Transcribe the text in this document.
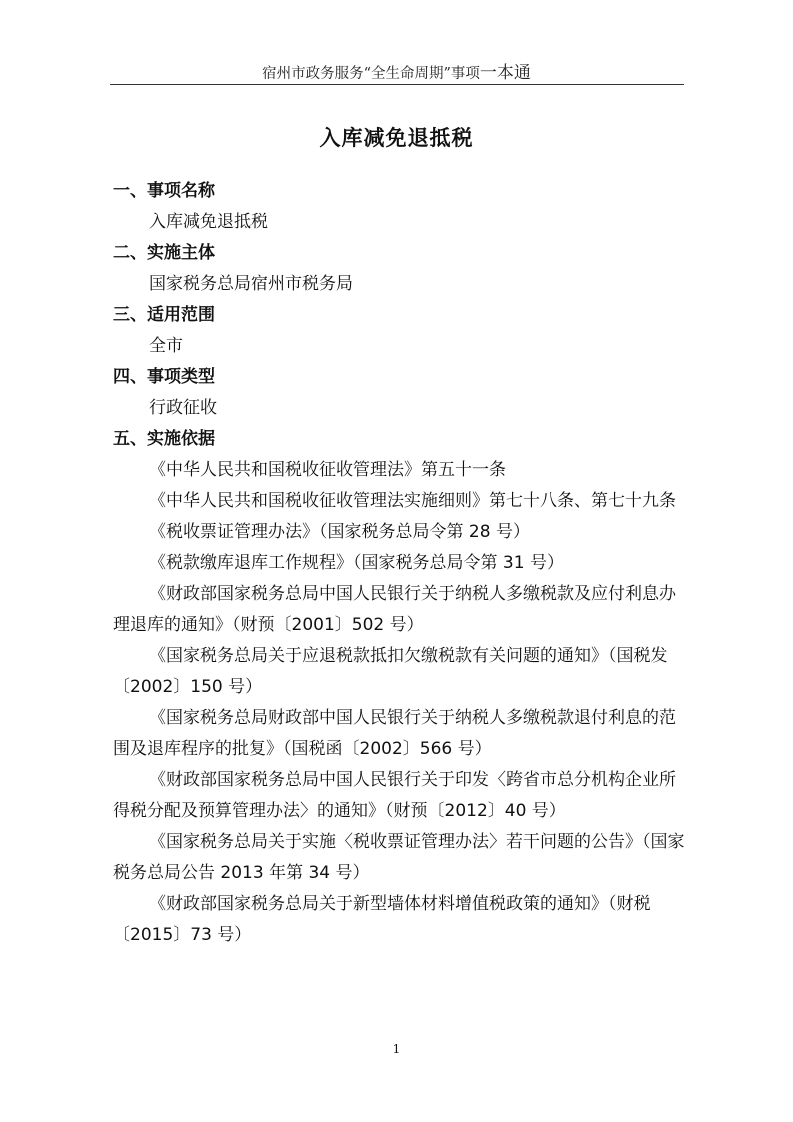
宿州市政务服务“全生命周期”事项一本通
入库减免退抵税
一、事项名称
入库减免退抵税
二、实施主体
国家税务总局宿州市税务局
三、适用范围
全市
四、事项类型
行政征收
五、实施依据

《中华人民共和国税收征收管理法》第五十一条

《中华人民共和国税收征收管理法实施细则》第七十八条、第七十九条

《税收票证管理办法》（国家税务总局令第 28 号）

《税款缴库退库工作规程》（国家税务总局令第 31 号）

《财政部国家税务总局中国人民银行关于纳税人多缴税款及应付利息办理退库的通知》（财预〔2001〕502 号）

《国家税务总局关于应退税款抵扣欠缴税款有关问题的通知》（国税发〔2002〕150 号）

《国家税务总局财政部中国人民银行关于纳税人多缴税款退付利息的范围及退库程序的批复》（国税函〔2002〕566 号）

《财政部国家税务总局中国人民银行关于印发〈跨省市总分机构企业所得税分配及预算管理办法〉的通知》（财预〔2012〕40 号）

《国家税务总局关于实施〈税收票证管理办法〉若干问题的公告》（国家税务总局公告 2013 年第 34 号）

《财政部国家税务总局关于新型墙体材料增值税政策的通知》（财税〔2015〕73 号）

1
